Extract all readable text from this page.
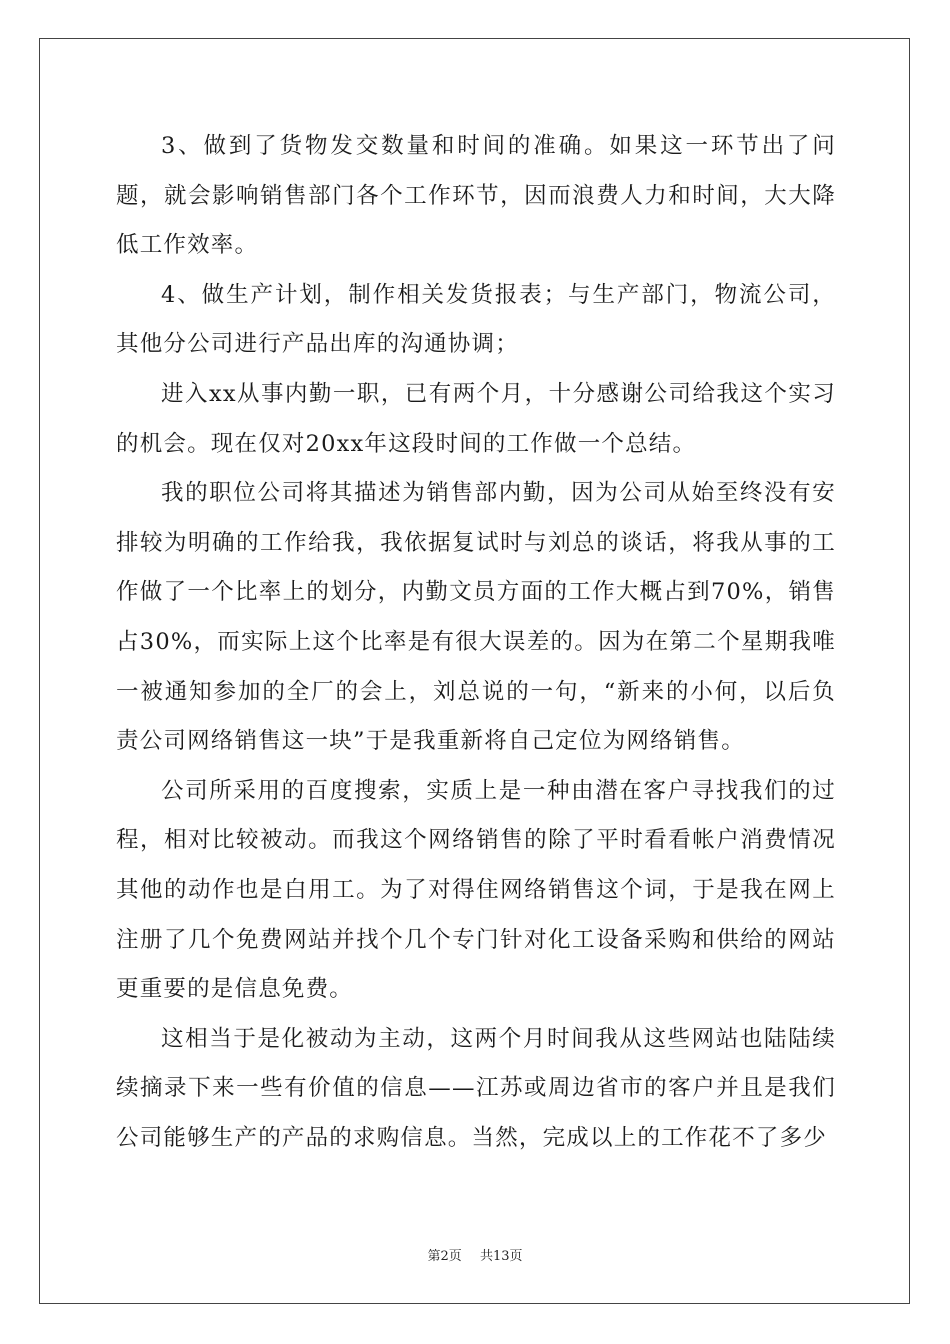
3、做到了货物发交数量和时间的准确。如果这一环节出了问题，就会影响销售部门各个工作环节，因而浪费人力和时间，大大降低工作效率。

4、做生产计划，制作相关发货报表；与生产部门，物流公司，其他分公司进行产品出库的沟通协调；

进入xx从事内勤一职，已有两个月，十分感谢公司给我这个实习的机会。现在仅对20xx年这段时间的工作做一个总结。

我的职位公司将其描述为销售部内勤，因为公司从始至终没有安排较为明确的工作给我，我依据复试时与刘总的谈话，将我从事的工作做了一个比率上的划分，内勤文员方面的工作大概占到70%，销售占30%，而实际上这个比率是有很大误差的。因为在第二个星期我唯一被通知参加的全厂的会上，刘总说的一句，“新来的小何，以后负责公司网络销售这一块”于是我重新将自己定位为网络销售。

公司所采用的百度搜索，实质上是一种由潜在客户寻找我们的过程，相对比较被动。而我这个网络销售的除了平时看看帐户消费情况其他的动作也是白用工。为了对得住网络销售这个词，于是我在网上注册了几个免费网站并找个几个专门针对化工设备采购和供给的网站更重要的是信息免费。

这相当于是化被动为主动，这两个月时间我从这些网站也陆陆续续摘录下来一些有价值的信息——江苏或周边省市的客户并且是我们公司能够生产的产品的求购信息。当然，完成以上的工作花不了多少

第2页 共13页
